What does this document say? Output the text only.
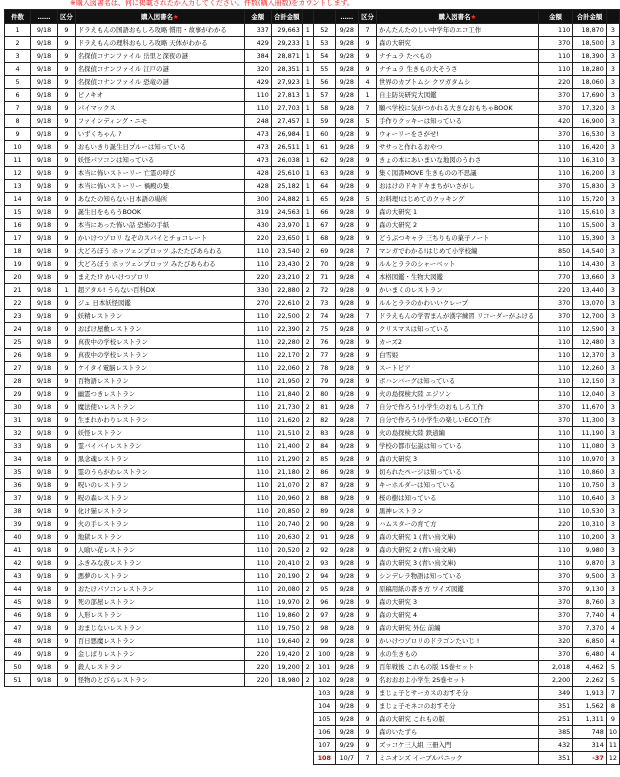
※購入図書名は、何に掲載されたか入力してください。件数(購入冊数)をカウントします。
件数	……	区分	購入図書名★	金額	合計金額	
1	9/18	9	ドラえもんの国語おもしろ攻略 慣用・故事がわかる	337	29,663	1
2	9/18	9	ドラえもんの理科おもしろ攻略 天体がわかる	429	29,233	1
3	9/18	9	名探偵コナンファイル 岳里と深夜の謎	384	28,871	1
4	9/18	9	名探偵コナンファイル 江戸の謎	320	28,351	1
5	9/18	9	名探偵コナンファイル 恐竜の謎	429	27,923	1
6	9/18	9	ピノキオ	110	27,813	1
7	9/18	9	パイマックス	110	27,703	1
8	9/18	9	ファインディング・ニモ	248	27,457	1
9	9/18	9	いずくちゃん ?	473	26,984	1
10	9/18	9	おもいきり誕生日プルーは知っている	473	26,511	1
11	9/18	9	妖怪パソコンは知っている	473	26,038	1
12	9/18	9	本当に怖いストーリー 亡霊の呼び	428	25,610	1
13	9/18	9	本当に怖いストーリー 禍殿の集	428	25,182	1
14	9/18	9	あなたの知らない日本語の場所	300	24,882	1
15	9/18	9	誕生日をもらうBOOK	319	24,563	1
16	9/18	9	本当にあった怖い話 恐怖の手紙	430	23,970	1
17	9/18	9	かいけつゾロリ なぞのスパイとチョコレート	220	23,650	1
18	9/18	9	大どろぼう ホッツェンプロッツ ふたたびあらわる	110	23,540	2
19	9/18	9	大どろぼう ホッツェンプロッツ みたびあらわる	110	23,430	2
20	9/18	9	まえた!? かいけつゾロリ	220	23,210	2
21	9/18	1	超アタル! うらない百科DX	330	22,880	2
22	9/18	9	ジュ 日本妖怪図鑑	270	22,610	2
23	9/18	9	妖精レストラン	110	22,500	2
24	9/18	9	おばけ屋敷レストラン	110	22,390	2
25	9/18	9	真夜中の学校レストラン	110	22,280	2
26	9/18	9	真夜中の学校レストラン	110	22,170	2
27	9/18	9	ケイタイ電脳レストラン	110	22,060	2
28	9/18	9	百物語レストラン	110	21,950	2
29	9/18	9	幽霊つきレストラン	110	21,840	2
30	9/18	9	魔法使いレストラン	110	21,730	2
31	9/18	9	生まれかわりレストラン	110	21,620	2
32	9/18	9	妖怪レストラン	110	21,510	2
33	9/18	9	霊バイバイレストラン	110	21,400	2
34	9/18	9	黒念魂レストラン	110	21,290	2
35	9/18	9	霊のうらがわレストラン	110	21,180	2
36	9/18	9	呪いのレストラン	110	21,070	2
37	9/18	9	呪の森レストラン	110	20,960	2
38	9/18	9	化け猫レストラン	110	20,850	2
39	9/18	9	火の手レストラン	110	20,740	2
40	9/18	9	地獄レストラン	110	20,630	2
41	9/18	9	人喰い花レストラン	110	20,520	2
42	9/18	9	ふきみな夜レストラン	110	20,410	2
43	9/18	9	悪夢のレストラン	110	20,190	2
44	9/18	9	おたけパソコンレストラン	110	20,080	2
45	9/18	9	死の部屋レストラン	110	19,970	2
46	9/18	9	人形レストラン	110	19,860	2
47	9/18	9	おまじないレストラン	110	19,750	2
48	9/18	9	百日悪魔レストラン	110	19,640	2
49	9/18	9	金しばりレストラン	220	19,420	2
50	9/18	9	殺人レストラン	220	19,200	2
51	9/18	9	怪物のとびらレストラン	220	18,980	2
	……	区分	購入図書名★	金額	合計金額	
52	9/28	7	かんたんたのしい中学年のエコ工作	110	18,870	3
53	9/28	9	森の大研究	370	18,500	3
54	9/28	9	ナチュラ たべもの	110	18,390	3
55	9/28	9	ナチュラ 生きもの大そうさ	110	18,280	3
56	9/28	4	世界のカブトムシ クワガタムシ	220	18,060	3
57	9/28	1	自主防災研究大図鑑	370	17,690	3
58	9/28	7	願べ学校に気がつかれる大きなおもちゃBOOK	370	17,320	3
59	9/28	5	手作りクッキーは知っている	420	16,900	3
60	9/28	9	ウォーリーをさがせ!	370	16,530	3
61	9/28	9	ササっと作れるおやつ	110	16,420	3
62	9/28	9	きょの本にあいまいな地図のうわさ	110	16,310	3
63	9/28	9	集く図書MOVE 生きものの不思議	110	16,200	3
64	9/28	9	おはけのドキドキまちがいさがし	370	15,830	3
65	9/28	5	お料理!はじめてのクッキング	110	15,720	3
66	9/28	9	森の大研究 1	110	15,610	3
67	9/28	9	森の大研究 2	110	15,500	3
68	9/28	9	どうぶつキャラ 三ちりもの菓子ノート	110	15,390	3
69	9/28	7	マンガでわかる!はじめて小学校編	850	14,540	3
70	9/28	9	ルルとララのシャーベット	110	14,430	3
71	9/28	4	本格図鑑・生物大図鑑	770	13,660	3
72	9/28	9	かいまくのレストラン	220	13,440	3
73	9/28	9	ルルとララのかわいいクレープ	370	13,070	3
74	9/28	7	ドラえもんの学習まんが漢字練習 リコーダーがふける	370	12,700	3
75	9/28	9	クリスマスは知っている	110	12,590	3
76	9/28	9	カーズ2	110	12,480	3
77	9/28	9	白雪姫	110	12,370	3
78	9/28	9	スートピア	110	12,260	3
79	9/28	9	ボハンバーグは知っている	110	12,150	3
80	9/28	9	火の島探検大陸 エジソン	110	12,040	3
81	9/28	7	自分で作ろう!小学生のおもしろ工作	370	11,670	3
82	9/28	7	自分で作ろう!小学生の楽しいECO工作	370	11,300	3
83	9/28	9	火の島探検大陸 鉄道編	110	11,190	3
84	9/28	9	学校の都市伝説は知っている	110	11,080	3
85	9/28	9	森の大研究 3	110	10,970	3
86	9/28	9	切られたページは知っている	110	10,860	3
87	9/28	9	キーホルダーは知っている	110	10,750	3
88	9/28	9	桜の樹は知っている	110	10,640	3
89	9/28	9	黒神レストラン	110	10,530	3
90	9/28	9	ハムスターの育て方	220	10,310	3
91	9/28	9	森の大研究 1 (青い鳥文庫)	110	10,200	3
92	9/28	9	森の大研究 2 (青い鳥文庫)	110	9,980	3
93	9/28	9	森の大研究 3 (青い鳥文庫)	110	9,870	3
94	9/28	9	シンデレラ物語は知っている	370	9,500	3
95	9/28	9	原稿用紙の書き方 ワイズ図鑑	370	9,130	3
96	9/28	9	森の大研究 3	370	8,760	3
97	9/28	9	森の大研究 4	370	7,740	4
98	9/28	9	森の大研究 外伝 前編	370	7,370	4
99	9/28	9	かいけつゾロリのドラゴンたいじ !	320	6,850	4
100	9/28	9	水の生きもの	370	6,480	4
101	9/28	9	百年戦後 これもの版 1S巻セット	2,018	4,462	5
102	9/28	9	名おおおよ小学生 2S巻セット	2,200	2,262	5
103	9/28	9	まじょ子とサーカスのおすそ分	349	1,913	7
104	9/28	9	まじょ子モネコのおすそ分	351	1,562	8
105	9/28	9	森の大研究 これもの版	251	1,311	9
106	9/28	9	森のいたずら	385	748	10
107	9/29	9	ズッコケ三人組 三冊入門	432	314	11
108	10/7	7	ミニオンズ イーブルパニック	351	-37	12
